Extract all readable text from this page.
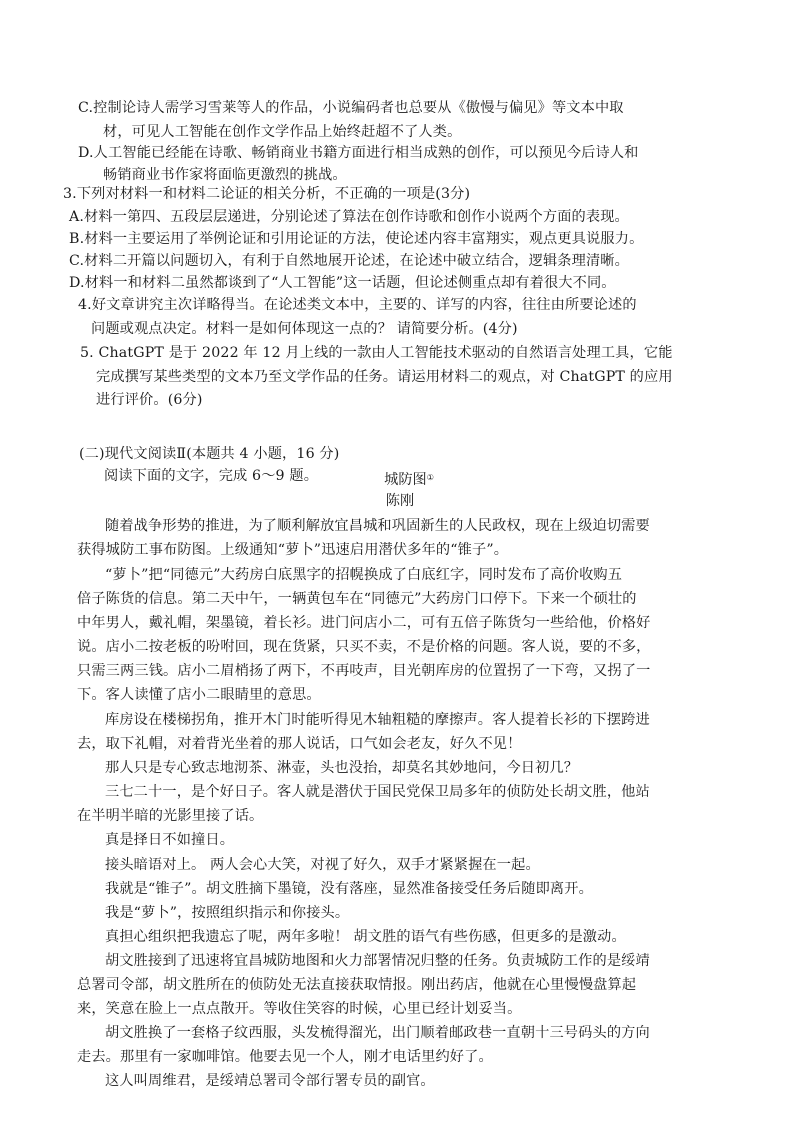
C.控制论诗人需学习雪莱等人的作品，小说编码者也总要从《傲慢与偏见》等文本中取
材，可见人工智能在创作文学作品上始终赶超不了人类。
D.人工智能已经能在诗歌、畅销商业书籍方面进行相当成熟的创作，可以预见今后诗人和
畅销商业书作家将面临更激烈的挑战。
3.下列对材料一和材料二论证的相关分析，不正确的一项是(3分)
A.材料一第四、五段层层递进，分别论述了算法在创作诗歌和创作小说两个方面的表现。
B.材料一主要运用了举例论证和引用论证的方法，使论述内容丰富翔实，观点更具说服力。
C.材料二开篇以问题切入，有利于自然地展开论述，在论述中破立结合，逻辑条理清晰。
D.材料一和材料二虽然都谈到了“人工智能”这一话题，但论述侧重点却有着很大不同。
4.好文章讲究主次详略得当。在论述类文本中，主要的、详写的内容，往往由所要论述的
问题或观点决定。材料一是如何体现这一点的？ 请简要分析。(4分)
5. ChatGPT 是于 2022 年 12 月上线的一款由人工智能技术驱动的自然语言处理工具，它能
完成撰写某些类型的文本乃至文学作品的任务。请运用材料二的观点，对 ChatGPT 的应用
进行评价。(6分)
(二)现代文阅读Ⅱ(本题共 4 小题，16 分)
阅读下面的文字，完成 6～9 题。	城防图①
陈刚
随着战争形势的推进，为了顺利解放宜昌城和巩固新生的人民政权，现在上级迫切需要
获得城防工事布防图。上级通知“萝卜”迅速启用潜伏多年的“锥子”。
“萝卜”把“同德元”大药房白底黑字的招幌换成了白底红字，同时发布了高价收购五
倍子陈货的信息。第二天中午，一辆黄包车在“同德元”大药房门口停下。下来一个硕壮的
中年男人，戴礼帽，架墨镜，着长衫。进门问店小二，可有五倍子陈货匀一些给他，价格好
说。店小二按老板的吩咐回，现在货紧，只买不卖，不是价格的问题。客人说，要的不多，
只需三两三钱。店小二眉梢扬了两下，不再吱声，目光朝库房的位置拐了一下弯，又拐了一
下。客人读懂了店小二眼睛里的意思。
库房设在楼梯拐角，推开木门时能听得见木轴粗糙的摩擦声。客人提着长衫的下摆跨进
去，取下礼帽，对着背光坐着的那人说话，口气如会老友，好久不见！
那人只是专心致志地沏茶、淋壶，头也没抬，却莫名其妙地问，今日初几？
三七二十一，是个好日子。客人就是潜伏于国民党保卫局多年的侦防处长胡文胜，他站
在半明半暗的光影里接了话。
真是择日不如撞日。
接头暗语对上。 两人会心大笑，对视了好久，双手才紧紧握在一起。
我就是“锥子”。胡文胜摘下墨镜，没有落座，显然准备接受任务后随即离开。
我是“萝卜”，按照组织指示和你接头。
真担心组织把我遗忘了呢，两年多啦！ 胡文胜的语气有些伤感，但更多的是激动。
胡文胜接到了迅速将宜昌城防地图和火力部署情况归整的任务。负责城防工作的是绥靖
总署司令部，胡文胜所在的侦防处无法直接获取情报。刚出药店，他就在心里慢慢盘算起
来，笑意在脸上一点点散开。等收住笑容的时候，心里已经计划妥当。
胡文胜换了一套格子纹西服，头发梳得溜光，出门顺着邮政巷一直朝十三号码头的方向
走去。那里有一家咖啡馆。他要去见一个人，刚才电话里约好了。
这人叫周维君，是绥靖总署司令部行署专员的副官。
